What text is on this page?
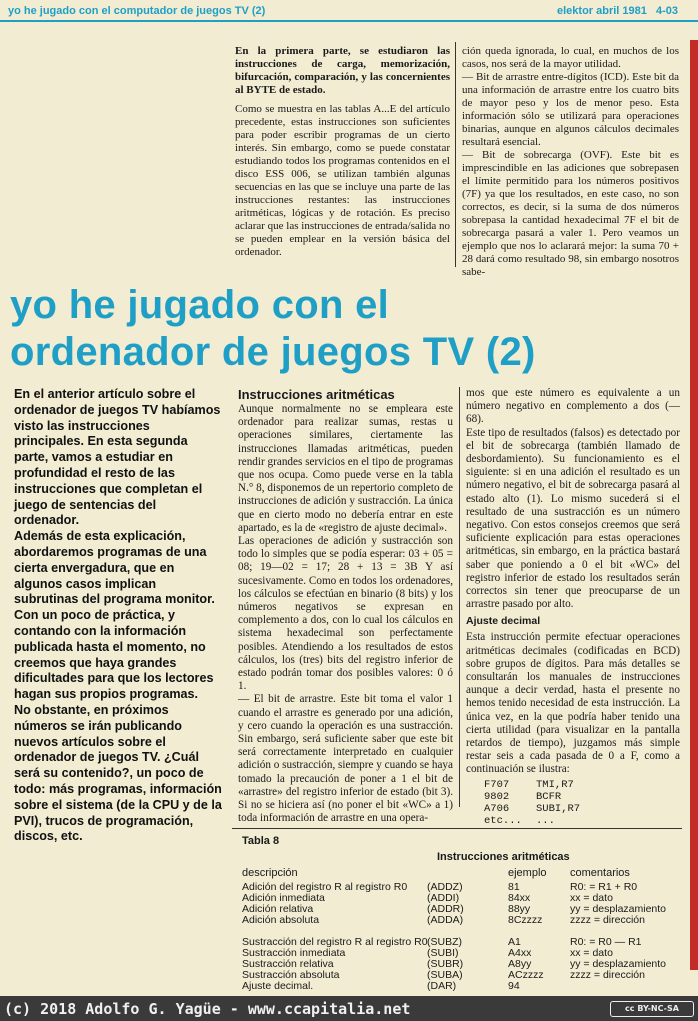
yo he jugado con el computador de juegos TV (2)	elektor abril 1981 4-03

En la primera parte, se estudiaron las instrucciones de carga, memorización, bifurcación, comparación, y las concernientes al BYTE de estado.

Como se muestra en las tablas A...E del artículo precedente, estas instrucciones son suficientes para poder escribir programas de un cierto interés. Sin embargo, como se puede constatar estudiando todos los programas contenidos en el disco ESS 006, se utilizan también algunas secuencias en las que se incluye una parte de las instrucciones restantes: las instrucciones aritméticas, lógicas y de rotación. Es preciso aclarar que las instrucciones de entrada/salida no se pueden emplear en la versión básica del ordenador.

ción queda ignorada, lo cual, en muchos de los casos, nos será de la mayor utilidad.

— Bit de arrastre entre-dígitos (ICD). Este bit da una información de arrastre entre los cuatro bits de mayor peso y los de menor peso. Esta información sólo se utilizará para operaciones binarias, aunque en algunos cálculos decimales resultará esencial.

— Bit de sobrecarga (OVF). Este bit es imprescindible en las adiciones que sobrepasen el límite permitido para los números positivos (7F) ya que los resultados, en este caso, no son correctos, es decir, si la suma de dos números sobrepasa la cantidad hexadecimal 7F el bit de sobrecarga pasará a valer 1. Pero veamos un ejemplo que nos lo aclarará mejor: la suma 70 + 28 dará como resultado 98, sin embargo nosotros sabe-

yo he jugado con el
ordenador de juegos TV (2)

En el anterior artículo sobre el ordenador de juegos TV habíamos visto las instrucciones principales. En esta segunda parte, vamos a estudiar en profundidad el resto de las instrucciones que completan el juego de sentencias del ordenador.

Además de esta explicación, abordaremos programas de una cierta envergadura, que en algunos casos implican subrutinas del programa monitor.

Con un poco de práctica, y contando con la información publicada hasta el momento, no creemos que haya grandes dificultades para que los lectores hagan sus propios programas.

No obstante, en próximos números se irán publicando nuevos artículos sobre el ordenador de juegos TV. ¿Cuál será su contenido?, un poco de todo: más programas, información sobre el sistema (de la CPU y de la PVI), trucos de programación, discos, etc.

Instrucciones aritméticas

Aunque normalmente no se empleara este ordenador para realizar sumas, restas u operaciones similares, ciertamente las instrucciones llamadas aritméticas, pueden rendir grandes servicios en el tipo de programas que nos ocupa. Como puede verse en la tabla N.° 8, disponemos de un repertorio completo de instrucciones de adición y sustracción. La única que en cierto modo no debería entrar en este apartado, es la de «registro de ajuste decimal».

Las operaciones de adición y sustracción son todo lo simples que se podía esperar: 03 + 05 = 08; 19—02 = 17; 28 + 13 = 3B Y así sucesivamente. Como en todos los ordenadores, los cálculos se efectúan en binario (8 bits) y los números negativos se expresan en complemento a dos, con lo cual los cálculos en sistema hexadecimal son perfectamente posibles. Atendiendo a los resultados de estos cálculos, los (tres) bits del registro inferior de estado podrán tomar dos posibles valores: 0 ó 1.

— El bit de arrastre. Este bit toma el valor 1 cuando el arrastre es generado por una adición, y cero cuando la operación es una sustracción. Sin embargo, será suficiente saber que este bit será correctamente interpretado en cualquier adición o sustracción, siempre y cuando se haya tomado la precaución de poner a 1 el bit de «arrastre» del registro inferior de estado (bit 3). Si no se hiciera así (no poner el bit «WC» a 1) toda información de arrastre en una opera-

mos que este número es equivalente a un número negativo en complemento a dos (—68).

Este tipo de resultados (falsos) es detectado por el bit de sobrecarga (también llamado de desbordamiento). Su funcionamiento es el siguiente: si en una adición el resultado es un número negativo, el bit de sobrecarga pasará al estado alto (1). Lo mismo sucederá si el resultado de una sustracción es un número negativo. Con estos consejos creemos que será suficiente explicación para estas operaciones aritméticas, sin embargo, en la práctica bastará saber que poniendo a 0 el bit «WC» del registro inferior de estado los resultados serán correctos sin tener que preocuparse de un arrastre pasado por alto.

Ajuste decimal

Esta instrucción permite efectuar operaciones aritméticas decimales (codificadas en BCD) sobre grupos de dígitos. Para más detalles se consultarán los manuales de instrucciones aunque a decir verdad, hasta el presente no hemos tenido necesidad de esta instrucción. La única vez, en la que podría haber tenido una cierta utilidad (para visualizar en la pantalla retardos de tiempo), juzgamos más simple restar seis a cada pasada de 0 a F, como a continuación se ilustra:

F707	TMI,R7
9802	BCFR
A706	SUBI,R7
etc... ...
Tabla 8
Instrucciones aritméticas
descripción	ejemplo comentarios
Adición del registro R al registro R0 (ADDZ)	81	R0: = R1 + R0
Adición inmediata	(ADDI)	84xx	xx = dato
Adición relativa	(ADDR)	88yy	yy = desplazamiento
Adición absoluta	(ADDA)	8Czzzz	zzzz = dirección
Sustracción del registro R al registro R0 (SUBZ)	A1	R0: = R0 — R1
Sustracción inmediata	(SUBI)	A4xx	xx = dato
Sustracción relativa	(SUBR)	A8yy	yy = desplazamiento
Sustracción absoluta	(SUBA)	ACzzzz	zzzz = dirección
Ajuste decimal.	(DAR)	94
(c) 2018 Adolfo G. Yagüe - www.ccapitalia.net	cc BY-NC-SA
